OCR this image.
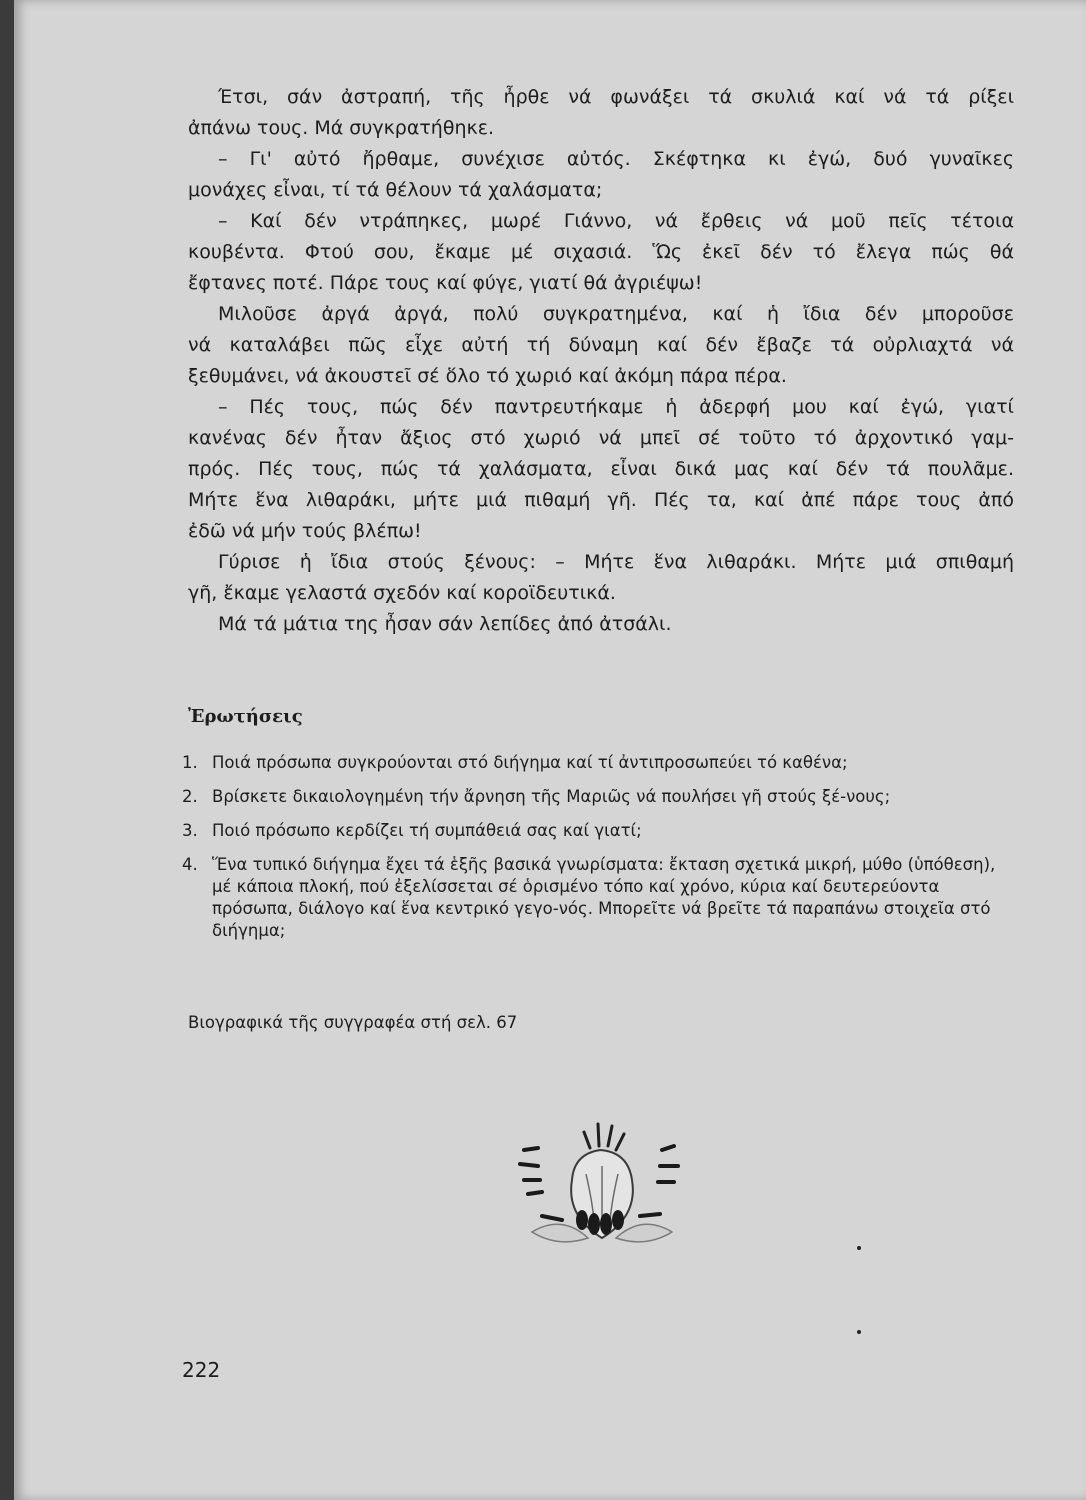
Έτσι, σάν ἀστραπή, τῆς ἦρθε νά φωνάξει τά σκυλιά καί νά τά ρίξει
ἀπάνω τους. Μά συγκρατήθηκε.
– Γι' αὐτό ἤρθαμε, συνέχισε αὐτός. Σκέφτηκα κι ἐγώ, δυό γυναῖκες
μονάχες εἶναι, τί τά θέλουν τά χαλάσματα;
– Καί δέν ντράπηκες, μωρέ Γιάννο, νά ἔρθεις νά μοῦ πεῖς τέτοια
κουβέντα. Φτού σου, ἔκαμε μέ σιχασιά. Ὥς ἐκεῖ δέν τό ἔλεγα πώς θά
ἔφτανες ποτέ. Πάρε τους καί φύγε, γιατί θά ἀγριέψω!
Μιλοῦσε ἀργά ἀργά, πολύ συγκρατημένα, καί ἡ ἴδια δέν μποροῦσε
νά καταλάβει πῶς εἶχε αὐτή τή δύναμη καί δέν ἔβαζε τά οὐρλιαχτά νά
ξεθυμάνει, νά ἀκουστεῖ σέ ὅλο τό χωριό καί ἀκόμη πάρα πέρα.
– Πές τους, πώς δέν παντρευτήκαμε ἡ ἀδερφή μου καί ἐγώ, γιατί
κανένας δέν ἦταν ἄξιος στό χωριό νά μπεῖ σέ τοῦτο τό ἀρχοντικό γαμ-
πρός. Πές τους, πώς τά χαλάσματα, εἶναι δικά μας καί δέν τά πουλᾶμε.
Μήτε ἕνα λιθαράκι, μήτε μιά πιθαμή γῆ. Πές τα, καί ἀπέ πάρε τους ἀπό
ἐδῶ νά μήν τούς βλέπω!
Γύρισε ἡ ἴδια στούς ξένους: – Μήτε ἕνα λιθαράκι. Μήτε μιά σπιθαμή
γῆ, ἔκαμε γελαστά σχεδόν καί κοροϊδευτικά.
Μά τά μάτια της ἦσαν σάν λεπίδες ἀπό ἀτσάλι.
Ἐρωτήσεις
1. Ποιά πρόσωπα συγκρούονται στό διήγημα καί τί ἀντιπροσωπεύει τό καθένα;
2. Βρίσκετε δικαιολογημένη τήν ἄρνηση τῆς Μαριῶς νά πουλήσει γῆ στούς ξέ-νους;
3. Ποιό πρόσωπο κερδίζει τή συμπάθειά σας καί γιατί;
4. Ἕνα τυπικό διήγημα ἔχει τά ἑξῆς βασικά γνωρίσματα: ἔκταση σχετικά μικρή, μύθο (ὑπόθεση), μέ κάποια πλοκή, πού ἐξελίσσεται σέ ὁρισμένο τόπο καί χρόνο, κύρια καί δευτερεύοντα πρόσωπα, διάλογο καί ἕνα κεντρικό γεγο-νός. Μπορεῖτε νά βρεῖτε τά παραπάνω στοιχεῖα στό διήγημα;
Βιογραφικά τῆς συγγραφέα στή σελ. 67
222
